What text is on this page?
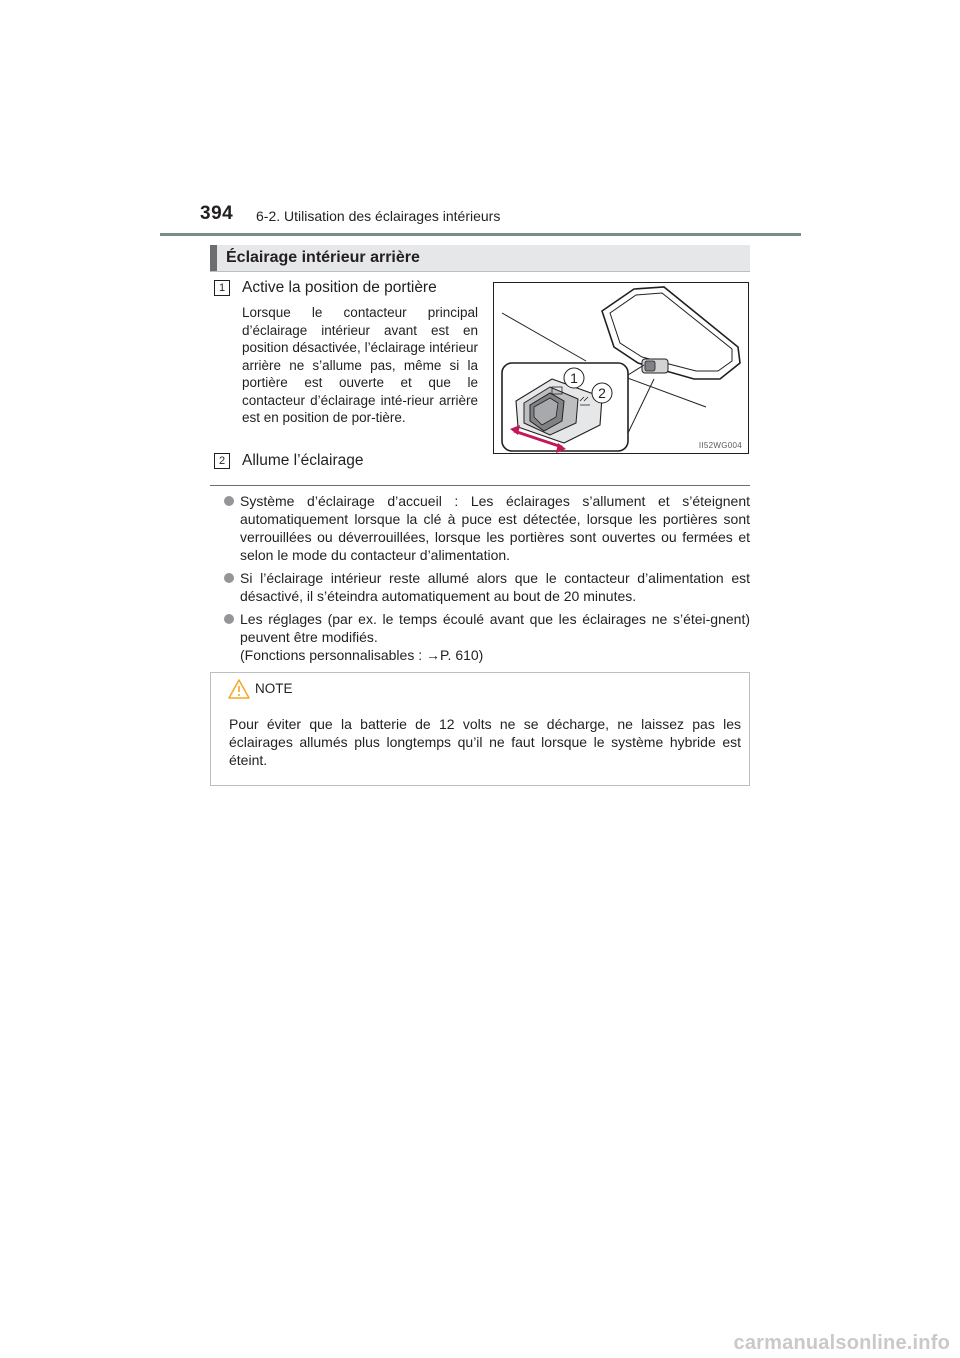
394 6-2. Utilisation des éclairages intérieurs
Éclairage intérieur arrière
1	Active la position de portière
Lorsque le contacteur principal d’éclairage intérieur avant est en position désactivée, l’éclairage intérieur arrière ne s’allume pas, même si la portière est ouverte et que le contacteur d’éclairage inté-rieur arrière est en position de por-tière.
2	Allume l’éclairage
1
2
II52WG004
Système d’éclairage d’accueil : Les éclairages s’allument et s’éteignent automatiquement lorsque la clé à puce est détectée, lorsque les portières sont verrouillées ou déverrouillées, lorsque les portières sont ouvertes ou fermées et selon le mode du contacteur d’alimentation.
Si l’éclairage intérieur reste allumé alors que le contacteur d’alimentation est désactivé, il s’éteindra automatiquement au bout de 20 minutes.
Les réglages (par ex. le temps écoulé avant que les éclairages ne s’étei-gnent) peuvent être modifiés.
(Fonctions personnalisables : →P. 610)
NOTE
Pour éviter que la batterie de 12 volts ne se décharge, ne laissez pas les éclairages allumés plus longtemps qu’il ne faut lorsque le système hybride est éteint.
carmanualsonline.info
